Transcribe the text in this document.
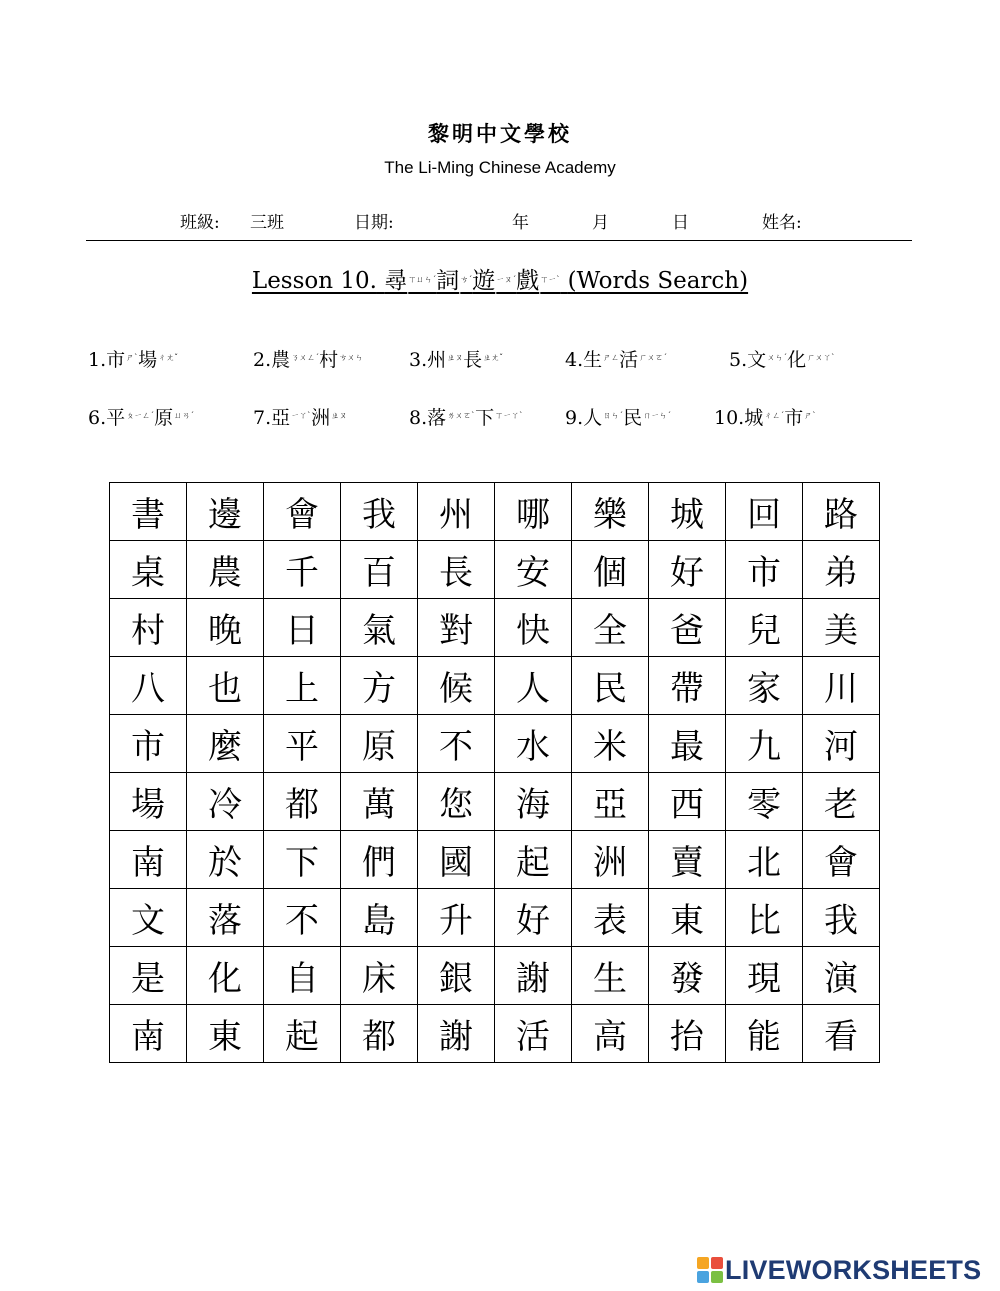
黎明中文學校
The Li-Ming Chinese Academy
班級: 三班	日期:	年	月	日	姓名:
Lesson 10. 尋$^{ㄒㄩㄣˊ}$詞$^{ㄘˊ}$遊$^{ㄧㄡˊ}$戲$^{ㄒㄧˋ}$ (Words Search)
1.市$^{ㄕˋ}$場$^{ㄔㄤˇ}$	2.農$^{ㄋㄨㄥˊ}$村$^{ㄘㄨㄣ}$ 3.州$^{ㄓㄡ}$長$^{ㄓㄤˇ}$	4.生$^{ㄕㄥ}$活$^{ㄏㄨㄛˊ}$	5.文$^{ㄨㄣˊ}$化$^{ㄏㄨㄚˋ}$
6.平$^{ㄆㄧㄥˊ}$原$^{ㄩㄢˊ}$	7.亞$^{ㄧㄚˋ}$洲$^{ㄓㄡ}$	8.落$^{ㄌㄨㄛˋ}$下$^{ㄒㄧㄚˋ}$ 9.人$^{ㄖㄣˊ}$民$^{ㄇㄧㄣˊ}$ 10.城$^{ㄔㄥˊ}$市$^{ㄕˋ}$
書	邊	會	我	州	哪	樂	城	回	路
桌	農	千	百	長	安	個	好	市	弟
村	晚	日	氣	對	快	全	爸	兒	美
八	也	上	方	候	人	民	帶	家	川
市	麼	平	原	不	水	米	最	九	河
場	冷	都	萬	您	海	亞	西	零	老
南	於	下	們	國	起	洲	賣	北	會
文	落	不	島	升	好	表	東	比	我
是	化	自	床	銀	謝	生	發	現	演
南	東	起	都	謝	活	高	抬	能	看
LIVEWORKSHEETS
